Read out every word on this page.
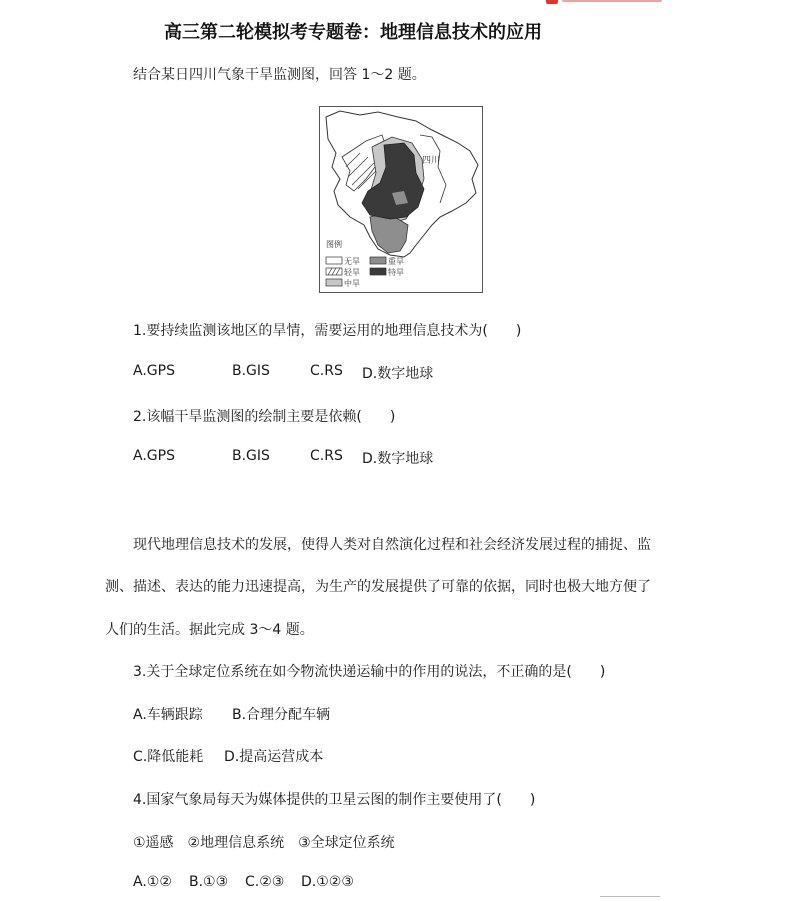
高三第二轮模拟考专题卷：地理信息技术的应用
结合某日四川气象干旱监测图，回答 1～2 题。
四川
图例
无旱	重旱
轻旱	特旱
中旱
1.要持续监测该地区的旱情，需要运用的地理信息技术为(　　)
A.GPS	B.GIS	C.RS D.数字地球
2.该幅干旱监测图的绘制主要是依赖(　　)
A.GPS	B.GIS	C.RS D.数字地球
现代地理信息技术的发展，使得人类对自然演化过程和社会经济发展过程的捕捉、监
测、描述、表达的能力迅速提高，为生产的发展提供了可靠的依据，同时也极大地方便了
人们的生活。据此完成 3～4 题。
3.关于全球定位系统在如今物流快递运输中的作用的说法，不正确的是(　　)
A.车辆跟踪 B.合理分配车辆
C.降低能耗 D.提高运营成本
4.国家气象局每天为媒体提供的卫星云图的制作主要使用了(　　)
①遥感　②地理信息系统　③全球定位系统
A.①② B.①③ C.②③ D.①②③
